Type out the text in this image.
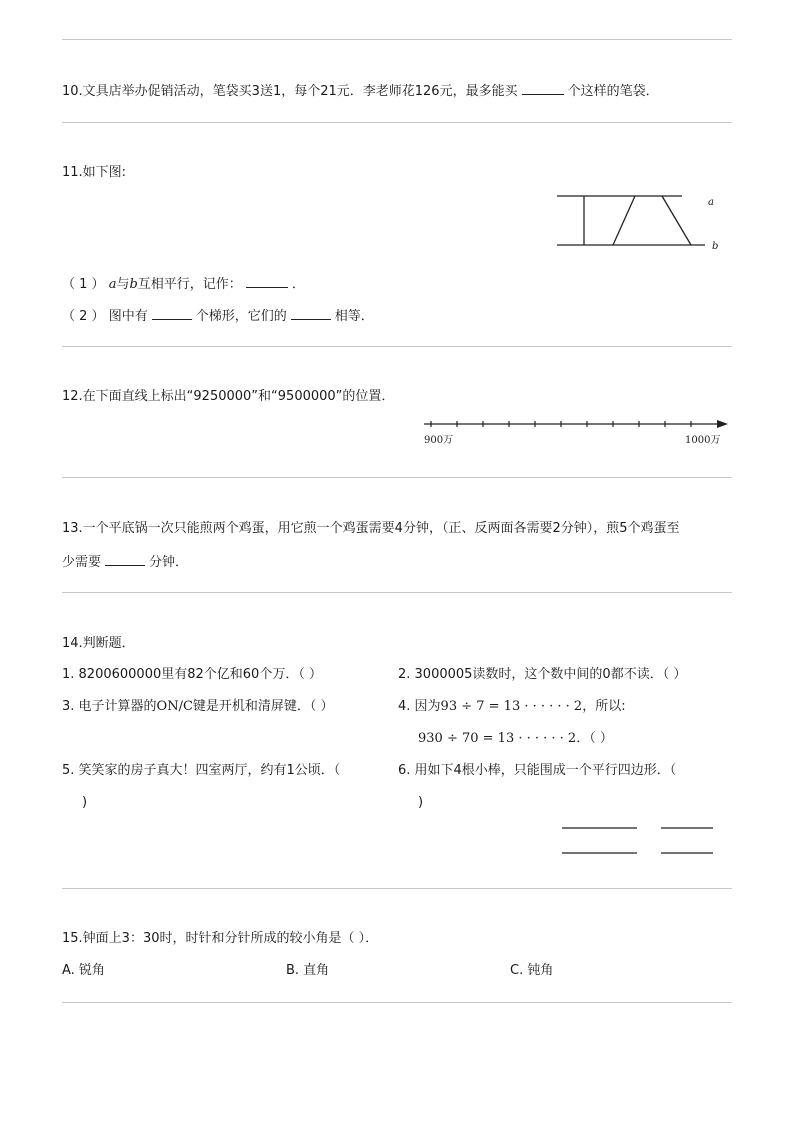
10.文具店举办促销活动，笔袋买3送1，每个21元．李老师花126元，最多能买	个这样的笔袋．
11.如下图:
a
b
（ 1 ） a与b互相平行，记作：	．
（ 2 ） 图中有	个梯形，它们的	相等．
12.在下面直线上标出“9250000”和“9500000”的位置．
900万	1000万
13.一个平底锅一次只能煎两个鸡蛋，用它煎一个鸡蛋需要4分钟，（正、反两面各需要2分钟），煎5个鸡蛋至
少需要	分钟．
14.判断题．
1. 8200600000里有82个亿和60个万．（ ）	2. 3000005读数时，这个数中间的0都不读．（ ）
3. 电子计算器的ON/C键是开机和清屏键．（ ）	4. 因为93 ÷ 7 = 13 · · · · · · 2，所以:
930 ÷ 70 = 13 · · · · · · 2．（ ）
5. 笑笑家的房子真大！四室两厅，约有1公顷．（
)
6. 用如下4根小棒，只能围成一个平行四边形．（
)
15.钟面上3：30时，时针和分针所成的较小角是（ ）．
A. 锐角	B. 直角	C. 钝角
